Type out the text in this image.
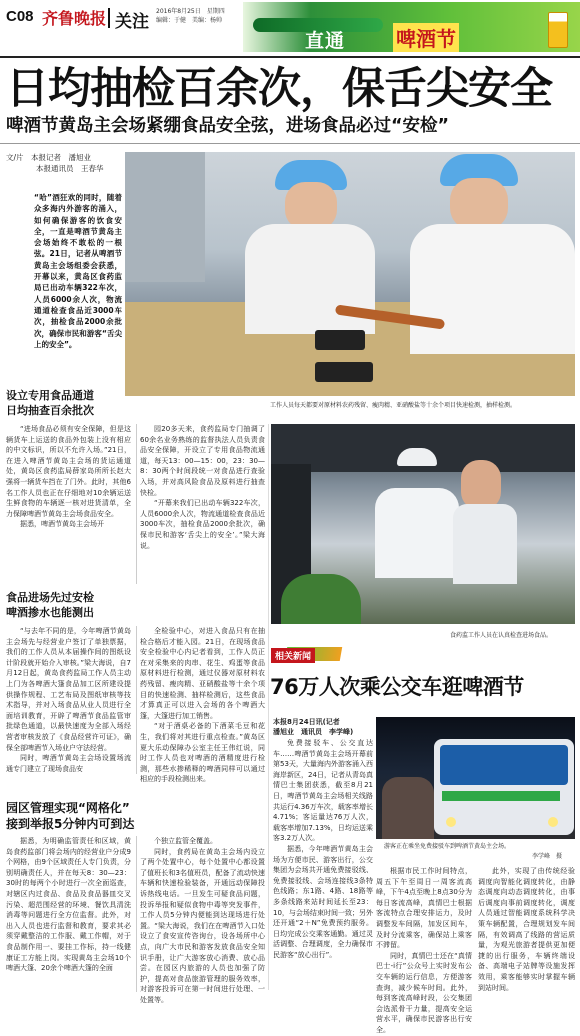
C08 齐鲁晚报 关注
2016年8月25日　星期四
编辑：于健　美编：杨帅
直通	啤酒节
日均抽检百余次，保舌尖安全
啤酒节黄岛主会场紧绷食品安全弦，进场食品必过“安检”
文/片　本报记者　潘旭业
　　　　本报通讯员　王春华
“哈”酒狂欢的同时，随着众多海内外游客的涌入，如何确保游客的饮食安全，一直是啤酒节黄岛主会场始终不敢松的一根弦。21日，记者从啤酒节黄岛主会场组委会获悉，开幕以来，黄岛区食药监局已出动车辆322车次，人员6000余人次，物流通道检查食品近3000车次，抽检食品2000余批次，确保市民和游客“舌尖上的安全”。
工作人员每天都要对原材料农药残留、瘦肉精、亚硝酸盐等十余个项目快速检测，抽样检测。
设立专用食品通道
日均抽查百余批次

“进场食品必须有安全保障，但是这辆货车上运送的食品外包装上没有相应的中文标识，所以不允许入场。”21日，在进入啤酒节黄岛主会场的货运通道处，黄岛区食药监局薛家岛所所长赵大强将一辆货车挡在了门外。此时，其他6名工作人员也正在仔细地对10余辆运送生鲜食物的车辆逐一核对进货清单，全力保障啤酒节黄岛主会场食品安全。

据悉，啤酒节黄岛主会场开

园20多天来，食药监局专门抽调了60余名业务熟练的监督执法人员负责食品安全保障，开设立了专用食品物流通道，每天13：00—15：00，23：30—8：30两个时间段统一对食品进行查验入场，并对高风险食品及原料进行抽查快检。

“开幕来我们已出动车辆322车次，人员6000余人次，物流通道检查食品近3000车次，抽检食品2000余批次，确保市民和游客‘舌尖上的安全’。”梁大海说。

食药监工作人员在认真检查进场食品。
食品进场先过安检
啤酒掺水也能测出

“与去年不同的是，今年啤酒节黄岛主会场先与经营业户签订了单独票据，我们的工作人员从本届操作间的图纸设计阶段就开始介入审核。”梁大海说，自7月12日起，黄岛食药监局工作人员主动上门为各啤酒大篷食品加工区所建设提供操作规程、工艺布局及图纸审核等技术指导，并对入场食品从业人员进行全面培训教育，开辟了啤酒节食品监管审批绿色通道，以最快速度为全部入场经营者审核发放了《食品经营许可证》，确保全部啤酒节入场业户守法经营。

同时，啤酒节黄岛主会场设置场流通专门建立了现场食品安

全检验中心，对进入食品只有在抽检合格后才能入园。21日，在现场食品安全检验中心内记者看到，工作人员正在对采集来的肉串、花生、鸡蛋等食品原材料进行检测，通过仪器对原材料农药残留、瘦肉精、亚硝酸盐等十余个项目的快速检测、抽样检测后，这些食品才算真正可以进入会场的各个啤酒大篷，大篷进行加工销售。

“对于酒桌必备的下酒菜毛豆和花生，我们将对其进行重点检查。”黄岛区夏大乐动保障办公室主任王伟红说，同时工作人员也对啤酒的酒精度进行检测，那些水掺稀释的啤酒同样可以通过相应的手段检测出来。

园区管理实现“网格化”
接到举报5分钟内可到达

据悉，为明确监管责任和区域，黄岛食药监部门将会场内的经营业户分成9个网格，由9个区域责任人专门负责，分别明确责任人，并在每天8：30—23：30时的每两个小时进行一次全面巡查，对辖区内过食品、食品及食品器皿交叉污染、超范围经营的环境、餐饮具清洗消毒等问题进行全方位监督。此外，对出入人员也进行监督和教育，要求其必须穿戴整洁的工作服、戴工作帽，对于食品制作用一、要挂工作标，持一线健康证工方能上岗。实现黄岛主会场10个啤酒大篷、20余个啤酒大篷的全面

个独立监管全覆盖。

同时，食药局在黄岛主会场内设立了两个处置中心，每个处置中心都设置了值班长和3名值班员，配备了流动快速车辆和快速检验装备，开通远动保障投诉热线电话。一旦发生可疑食品问题，投诉举报和疑似食物中毒等突发事件，工作人员5分钟内便能到达现场进行处置。“梁大海说，我们在在啤酒节入口处设立了食安宣传咨询台，设各场所中心点，向广大市民和游客发放食品安全知识手册，让广大游客放心消费、放心品尝。在园区内旅游的人员也加强了防护，提高对食品旅游管理的服务效率，对游客投诉可在第一时间进行处理、一处置等。

相关新闻
76万人次乘公交车逛啤酒节
本报8月24日讯(记者
潘旭业　通讯员　李学峰)

免费接驳车、公交直达车……啤酒节黄岛主会场开幕前第53天，大量海内外游客涌入西海岸新区，24日，记者从青岛真情巴士集团获悉，截至8月21日，啤酒节黄岛主会场相关线路共运行4.36万车次，载客率增长4.71%；客运量达76万人次，载客率增加7.13%，日均运送乘客3.2万人次。

据悉，今年啤酒节黄岛主会场为方便市民、游客出行，公交集团为会场共开通免费接驳线、免费接驳线、会场连接线3条特色线路；东1路、4路、18路等多条线路来站时间延长至23：10，与会场结束时间一致；另外还开通“2＋N”免费预约服务。日均完成公交乘客通勤。通过灵活调整、合理调度，全力确保市民游客“放心出行”。

游客正在乘坐免费接驳车到啤酒节黄岛主会场。
李学峰　摄

根据市民工作时间特点，周五下午至周日一周客流高峰，下午4点至晚上8点30分为每日客流高峰，真情巴士根据客流特点合理安排运力，及时调整发车间隔，加发区间车，及时分流乘客，确保站上乘客不滞留。

同时，真情巴士还在“真情巴士-i行”公众号上实时发布公交车辆的运行信息，方便游客查询，减少候车时间。此外，每到客流高峰时段，公交集团会选派骨干力量，提高安全运营水平，确保市民游客出行安全。

此外，实现了由传统经验调度向智能化调度转化，由静态调度向动态调度转化，由事后调度向事前调度转化，调度人员通过智能调度系统科学决策车辆配置，合理规划发车间隔，有效调高了线路的营运质量，为观光旅游者提供更加便捷的出行服务，车辆终端设备、高端电子站牌等设施发挥效用，乘客能够实时掌握车辆到站时间。
